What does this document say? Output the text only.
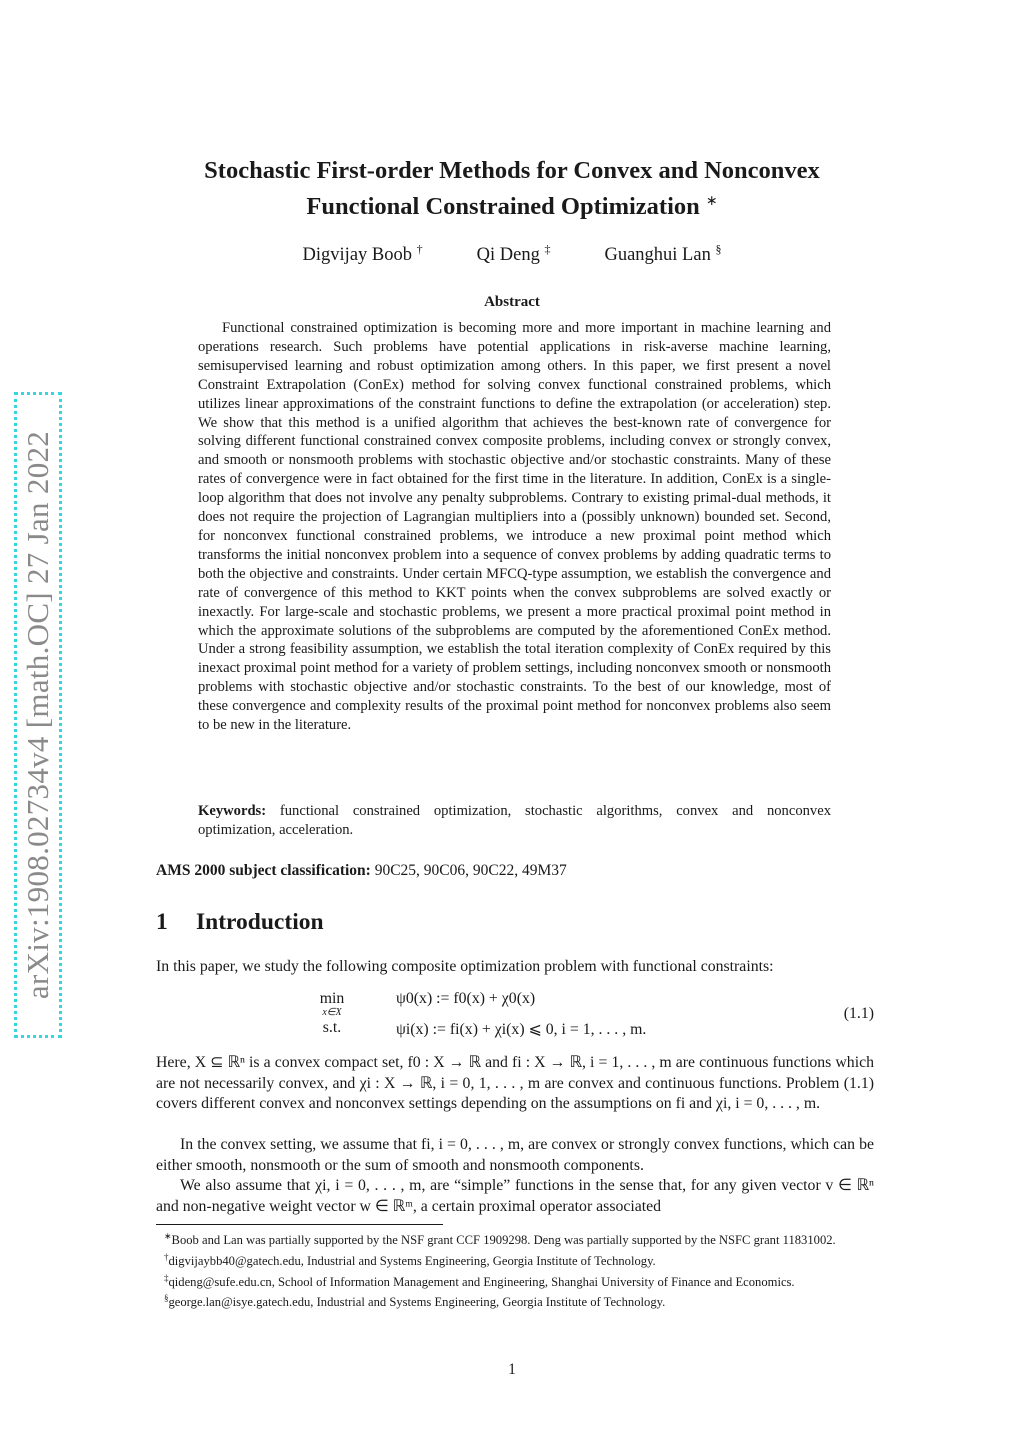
arXiv:1908.02734v4 [math.OC] 27 Jan 2022
Stochastic First-order Methods for Convex and Nonconvex Functional Constrained Optimization ∗
Digvijay Boob †	Qi Deng ‡	Guanghui Lan §
Abstract

Functional constrained optimization is becoming more and more important in machine learning and operations research. Such problems have potential applications in risk-averse machine learning, semisupervised learning and robust optimization among others. In this paper, we first present a novel Constraint Extrapolation (ConEx) method for solving convex functional constrained problems, which utilizes linear approximations of the constraint functions to define the extrapolation (or acceleration) step. We show that this method is a unified algorithm that achieves the best-known rate of convergence for solving different functional constrained convex composite problems, including convex or strongly convex, and smooth or nonsmooth problems with stochastic objective and/or stochastic constraints. Many of these rates of convergence were in fact obtained for the first time in the literature. In addition, ConEx is a single-loop algorithm that does not involve any penalty subproblems. Contrary to existing primal-dual methods, it does not require the projection of Lagrangian multipliers into a (possibly unknown) bounded set. Second, for nonconvex functional constrained problems, we introduce a new proximal point method which transforms the initial nonconvex problem into a sequence of convex problems by adding quadratic terms to both the objective and constraints. Under certain MFCQ-type assumption, we establish the convergence and rate of convergence of this method to KKT points when the convex subproblems are solved exactly or inexactly. For large-scale and stochastic problems, we present a more practical proximal point method in which the approximate solutions of the subproblems are computed by the aforementioned ConEx method. Under a strong feasibility assumption, we establish the total iteration complexity of ConEx required by this inexact proximal point method for a variety of problem settings, including nonconvex smooth or nonsmooth problems with stochastic objective and/or stochastic constraints. To the best of our knowledge, most of these convergence and complexity results of the proximal point method for nonconvex problems also seem to be new in the literature.

Keywords: functional constrained optimization, stochastic algorithms, convex and nonconvex optimization, acceleration.

AMS 2000 subject classification: 90C25, 90C06, 90C22, 49M37
1 Introduction

In this paper, we study the following composite optimization problem with functional constraints:

min
x∈X
ψ0(x) := f0(x) + χ0(x)
s.t.	ψi(x) := fi(x) + χi(x) ⩽ 0, i = 1, . . . , m.
(1.1)

Here, X ⊆ ℝⁿ is a convex compact set, f0 : X → ℝ and fi : X → ℝ, i = 1, . . . , m are continuous functions which are not necessarily convex, and χi : X → ℝ, i = 0, 1, . . . , m are convex and continuous functions. Problem (1.1) covers different convex and nonconvex settings depending on the assumptions on fi and χi, i = 0, . . . , m.

In the convex setting, we assume that fi, i = 0, . . . , m, are convex or strongly convex functions, which can be either smooth, nonsmooth or the sum of smooth and nonsmooth components.

We also assume that χi, i = 0, . . . , m, are “simple” functions in the sense that, for any given vector v ∈ ℝⁿ and non-negative weight vector w ∈ ℝᵐ, a certain proximal operator associated

∗Boob and Lan was partially supported by the NSF grant CCF 1909298. Deng was partially supported by the NSFC grant 11831002.

†digvijaybb40@gatech.edu, Industrial and Systems Engineering, Georgia Institute of Technology.

‡qideng@sufe.edu.cn, School of Information Management and Engineering, Shanghai University of Finance and Economics.

§george.lan@isye.gatech.edu, Industrial and Systems Engineering, Georgia Institute of Technology.

1
